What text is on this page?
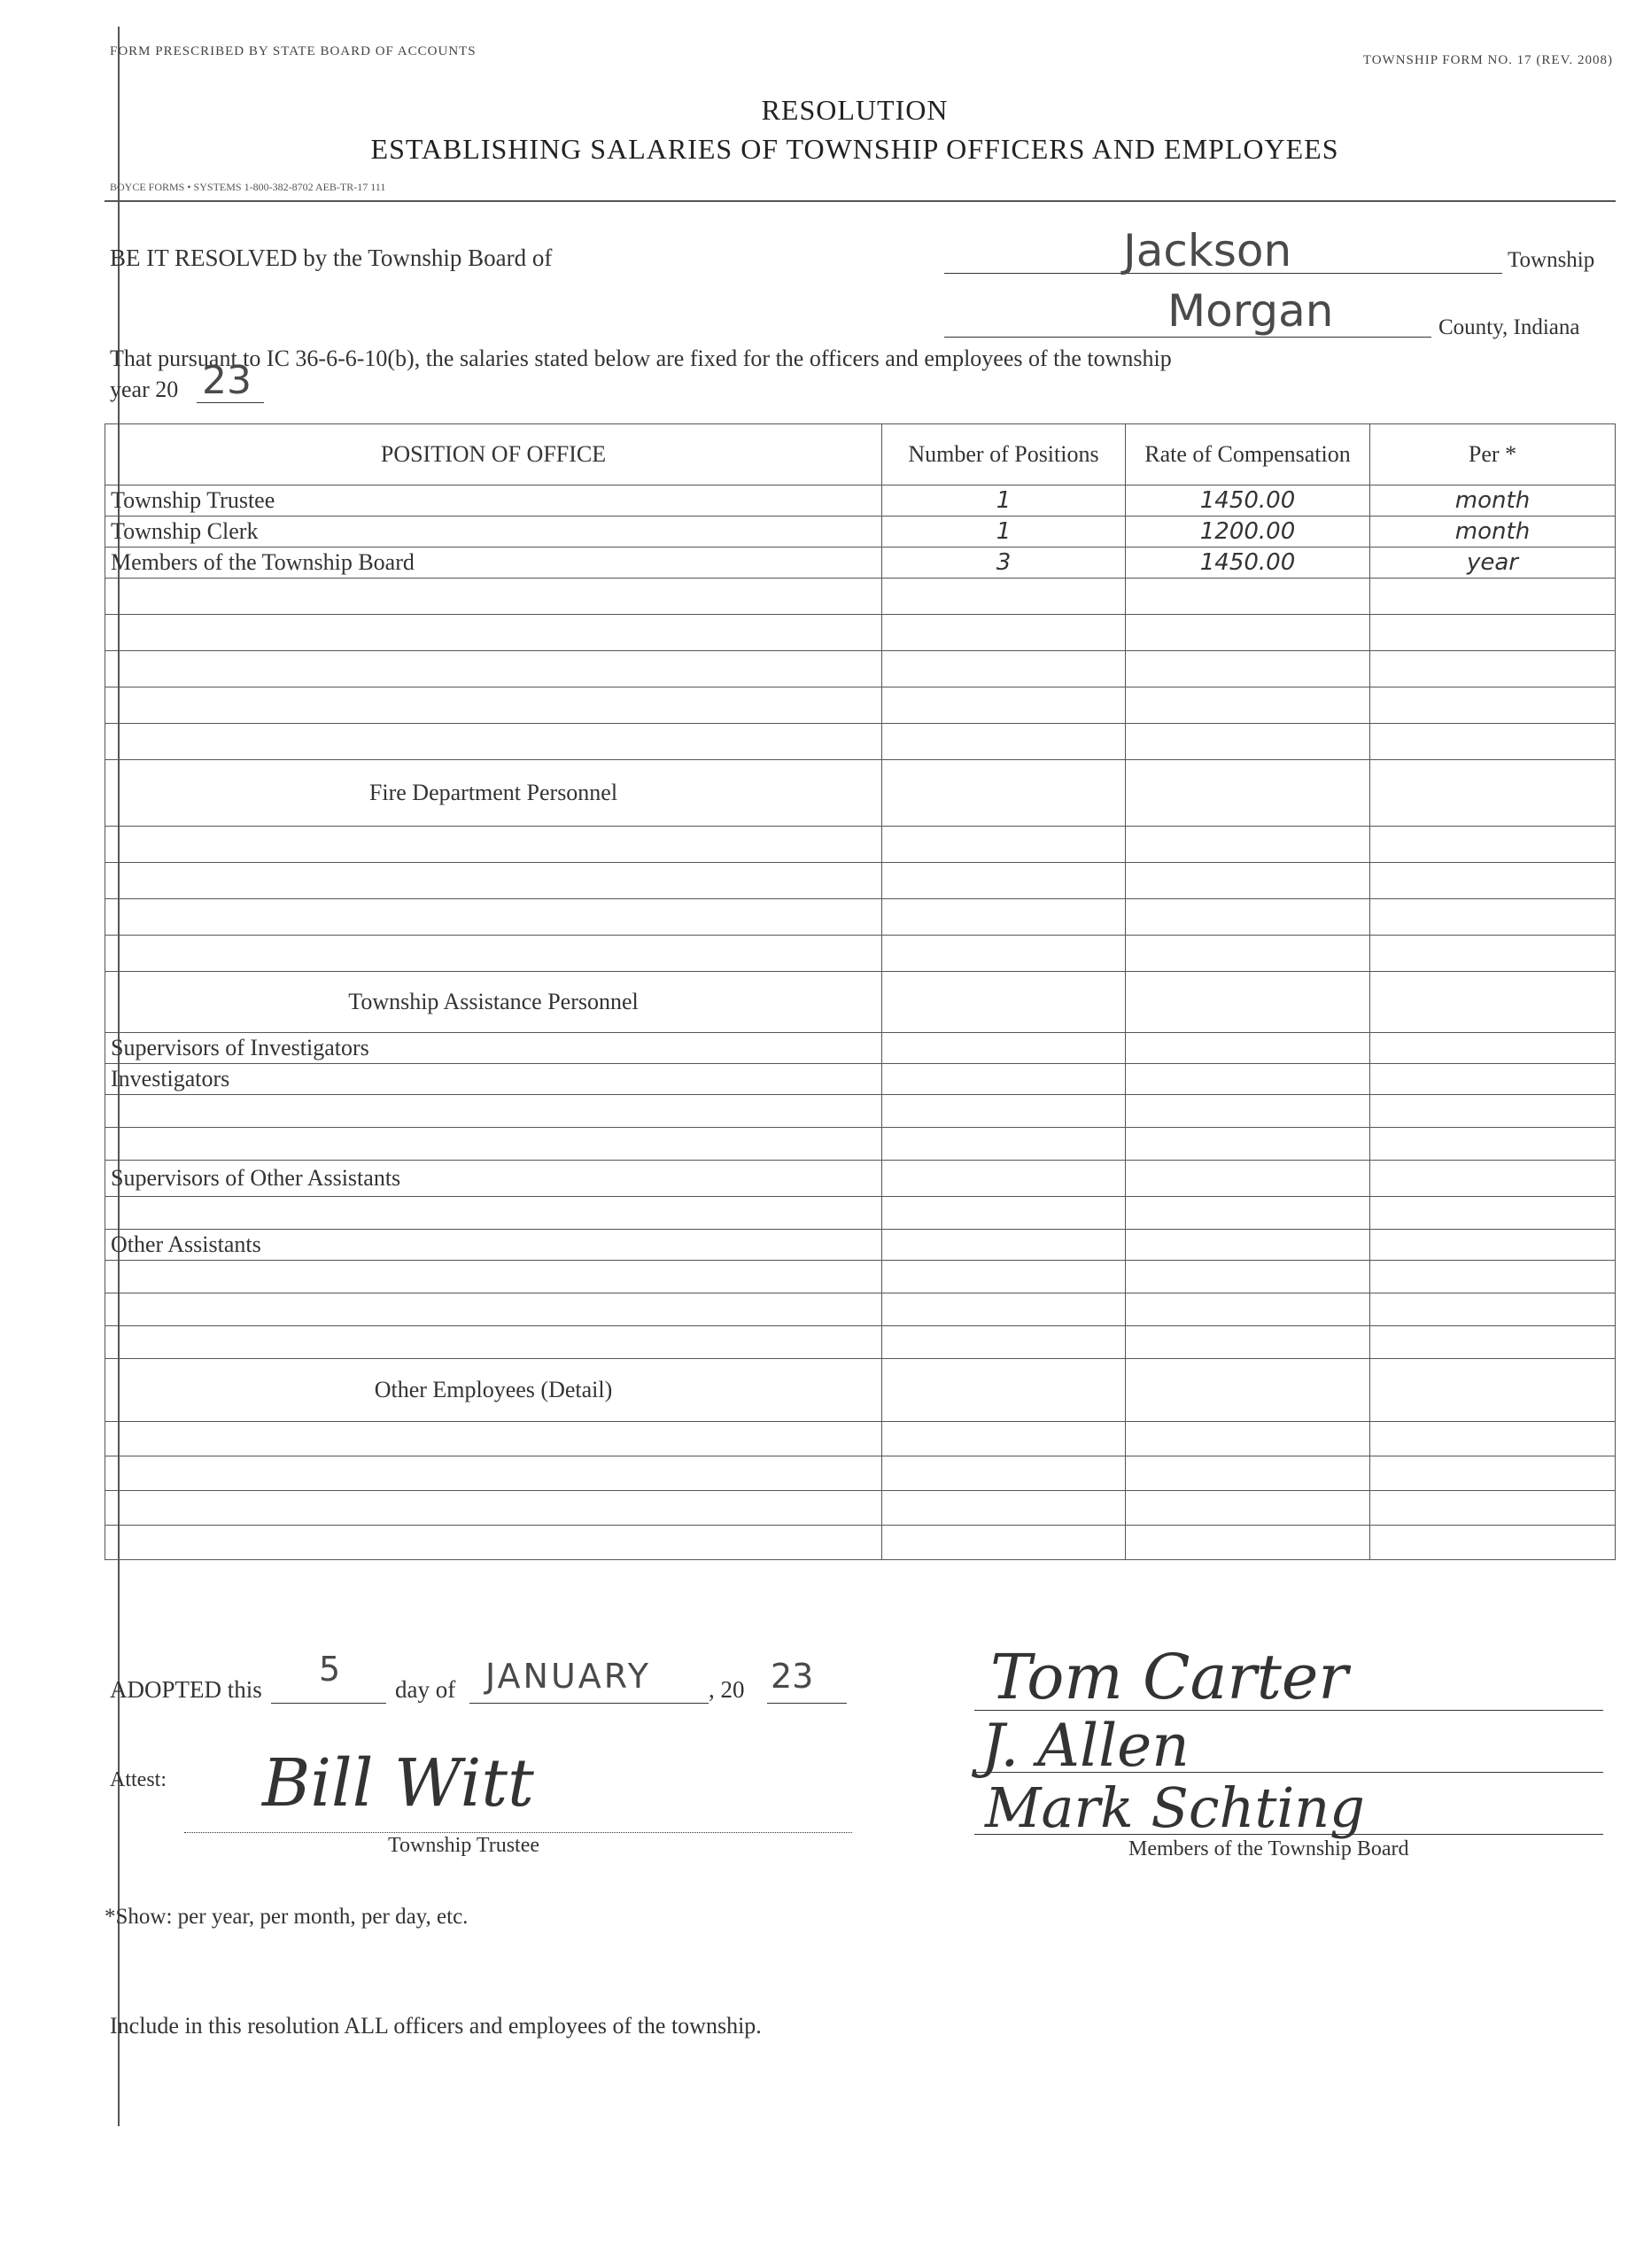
FORM PRESCRIBED BY STATE BOARD OF ACCOUNTS
TOWNSHIP FORM NO. 17 (REV. 2008)
RESOLUTION
ESTABLISHING SALARIES OF TOWNSHIP OFFICERS AND EMPLOYEES
BOYCE FORMS • SYSTEMS 1-800-382-8702 AEB-TR-17 111
BE IT RESOLVED by the Township Board of	Jackson	Township
Morgan	County, Indiana
That pursuant to IC 36-6-6-10(b), the salaries stated below are fixed for the officers and employees of the township
year 20 23
POSITION OF OFFICE	Number of Positions	Rate of Compensation	Per *
Township Trustee	1	1450.00	month
Township Clerk	1	1200.00	month
Members of the Township Board	3	1450.00	year

Fire Department Personnel			

Township Assistance Personnel			
Supervisors of Investigators			
Investigators			

Supervisors of Other Assistants			

Other Assistants			

Other Employees (Detail)			

ADOPTED this
5
day of JANUARY , 20 23	Tom Carter
J. Allen
Mark Schting
Members of the Township Board
Attest: Bill Witt
Township Trustee
*Show: per year, per month, per day, etc.
Include in this resolution ALL officers and employees of the township.
